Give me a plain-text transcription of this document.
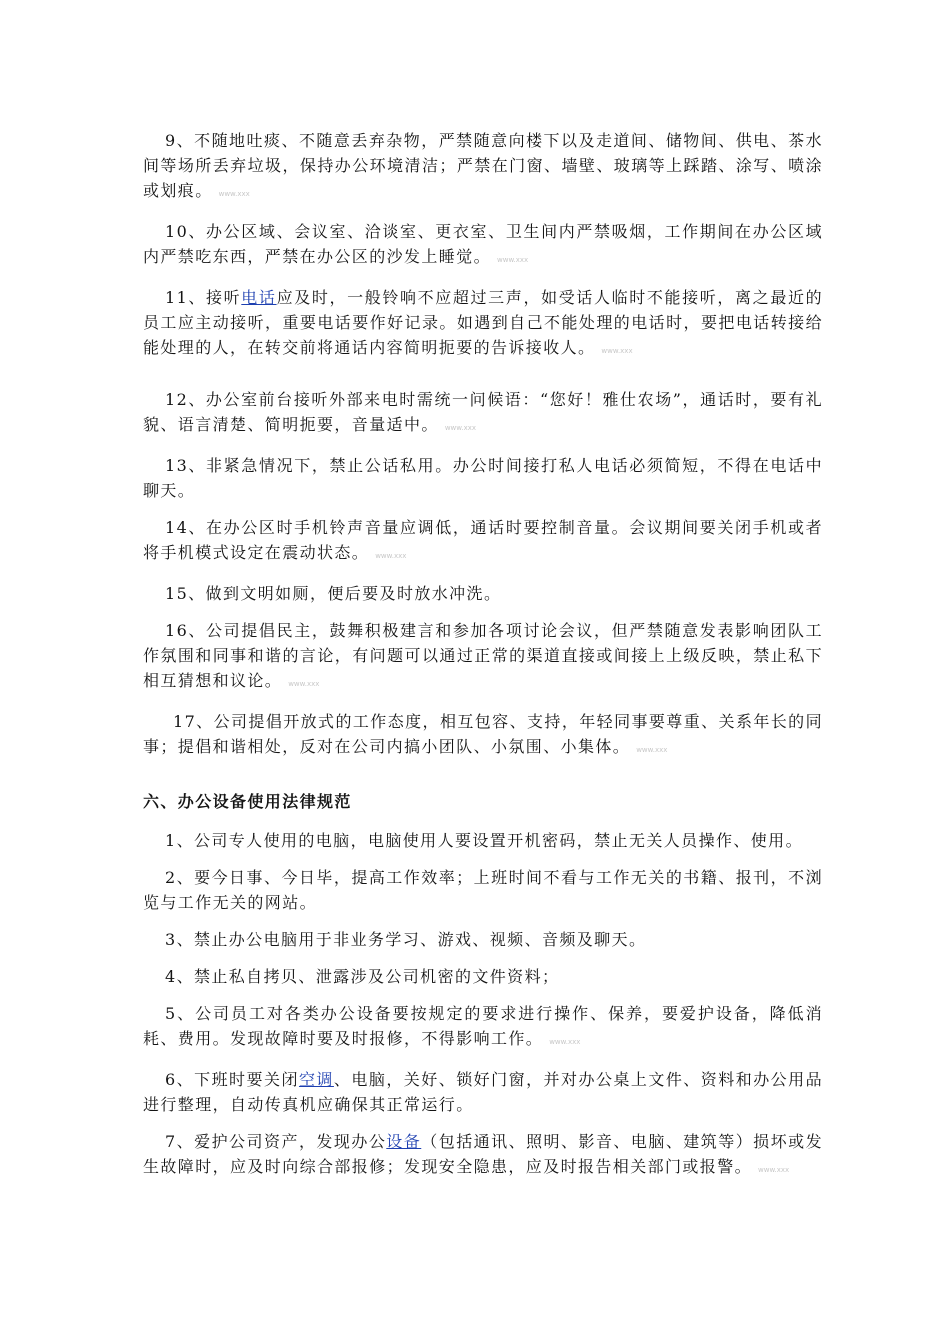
9、不随地吐痰、不随意丢弃杂物，严禁随意向楼下以及走道间、储物间、供电、茶水间等场所丢弃垃圾，保持办公环境清洁；严禁在门窗、墙壁、玻璃等上踩踏、涂写、喷涂或划痕。 www.xxx

10、办公区域、会议室、洽谈室、更衣室、卫生间内严禁吸烟，工作期间在办公区域内严禁吃东西，严禁在办公区的沙发上睡觉。 www.xxx

11、接听电话应及时，一般铃响不应超过三声，如受话人临时不能接听，离之最近的员工应主动接听，重要电话要作好记录。如遇到自己不能处理的电话时，要把电话转接给能处理的人，在转交前将通话内容简明扼要的告诉接收人。 www.xxx

12、办公室前台接听外部来电时需统一问候语：“您好！雅仕农场”，通话时，要有礼貌、语言清楚、简明扼要，音量适中。 www.xxx

13、非紧急情况下，禁止公话私用。办公时间接打私人电话必须简短，不得在电话中聊天。

14、在办公区时手机铃声音量应调低，通话时要控制音量。会议期间要关闭手机或者将手机模式设定在震动状态。 www.xxx

15、做到文明如厕，便后要及时放水冲洗。

16、公司提倡民主，鼓舞积极建言和参加各项讨论会议，但严禁随意发表影响团队工作氛围和同事和谐的言论，有问题可以通过正常的渠道直接或间接上上级反映，禁止私下相互猜想和议论。 www.xxx

17、公司提倡开放式的工作态度，相互包容、支持，年轻同事要尊重、关系年长的同事；提倡和谐相处，反对在公司内搞小团队、小氛围、小集体。 www.xxx

六、办公设备使用法律规范

1、公司专人使用的电脑，电脑使用人要设置开机密码，禁止无关人员操作、使用。

2、要今日事、今日毕，提高工作效率；上班时间不看与工作无关的书籍、报刊，不浏览与工作无关的网站。

3、禁止办公电脑用于非业务学习、游戏、视频、音频及聊天。

4、禁止私自拷贝、泄露涉及公司机密的文件资料；

5、公司员工对各类办公设备要按规定的要求进行操作、保养，要爱护设备，降低消耗、费用。发现故障时要及时报修，不得影响工作。 www.xxx

6、下班时要关闭空调、电脑，关好、锁好门窗，并对办公桌上文件、资料和办公用品进行整理，自动传真机应确保其正常运行。

7、爱护公司资产，发现办公设备（包括通讯、照明、影音、电脑、建筑等）损坏或发生故障时，应及时向综合部报修；发现安全隐患，应及时报告相关部门或报警。 www.xxx
